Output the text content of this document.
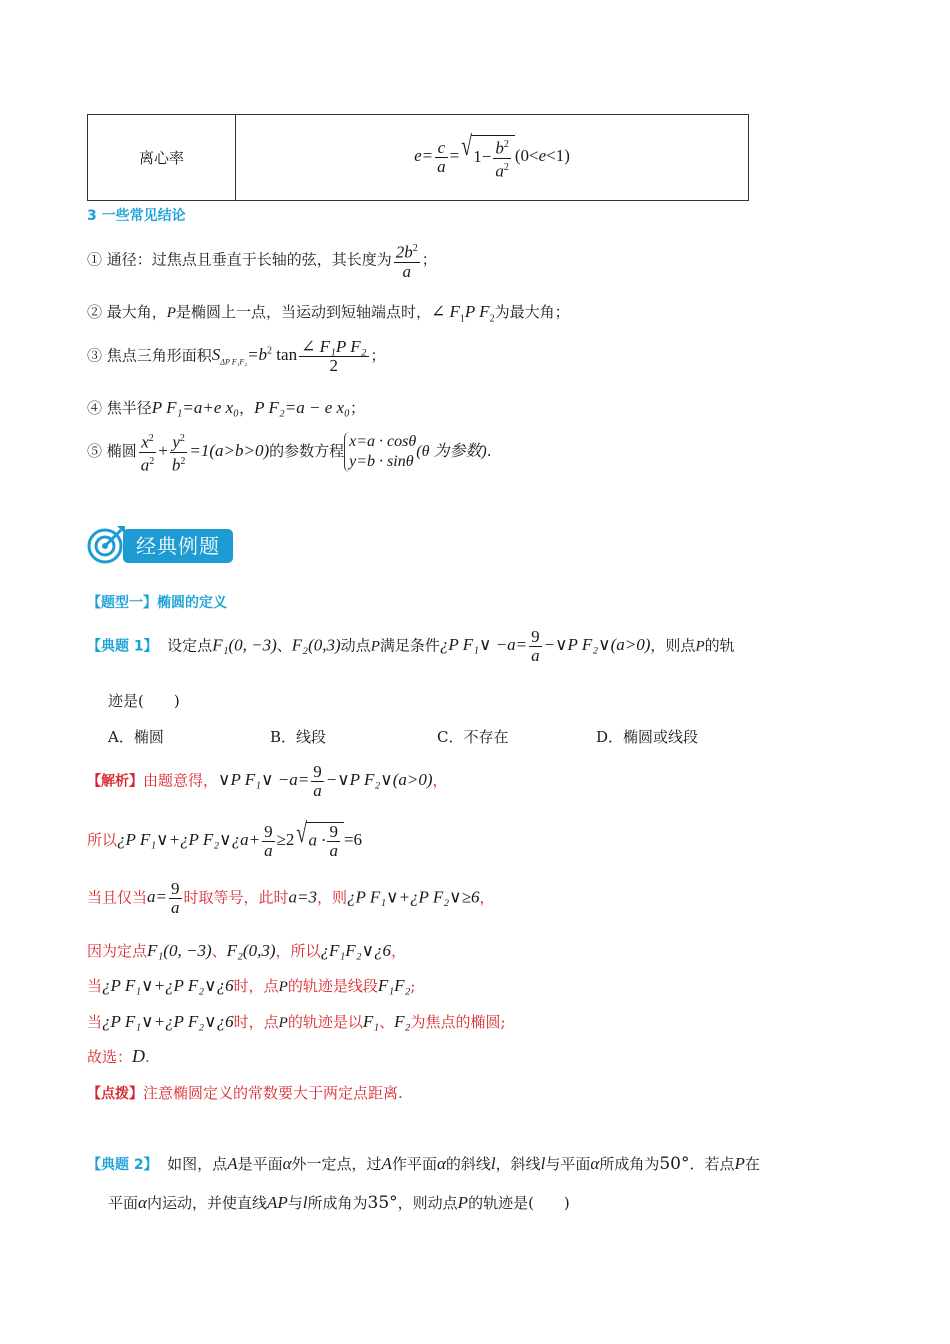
离心率	$e= \frac{c}{a}$ = √ $1- \frac{b^2}{a^2} (0<e<1)$
3 一些常见结论
① 通径：过焦点且垂直于长轴的弦，其长度为 $\frac{2b^2}{a}$ ；
② 最大角，P是椭圆上一点，当运动到短轴端点时，∠ $F_1P$ $F_2$为最大角；
③ 焦点三角形面积$S_{\Delta P F_1F_2}=b^2$ $\tan \frac{\text{∠ F₁P F₂}}{2}$ ；
④ 焦半径P F₁=a+e x₀，P F₂=a − e x₀；
⑤ 椭圆 $\frac{x^2}{a^2} + \frac{y^2}{b^2} =1(a>b>0)$的参数方程
x=a · cosθ
y=b · sinθ
(θ 为参数).
经典例题
【题型一】椭圆的定义
【典题 1】 设定点F₁(0, −3)、F₂(0,3)动点P满足条件¿P F₁∨ $-a= \frac{9}{a}$ −∨P F₂∨(a>0)，则点P的轨
迹是(　　)
A．椭圆	B．线段	C．不存在	D．椭圆或线段
【解析】由题意得，∨P F₁∨ $-a= \frac{9}{a}$ −∨P F₂∨(a>0)，
所以¿P F₁∨+¿P F₂∨¿a+ $\frac{9}{a} \ge 2$ √ $a \cdot \frac{9}{a} =6$
当且仅当$a= \frac{9}{a}$ 时取等号，此时a=3，则¿P F₁∨+¿P F₂∨≥6，
因为定点F₁(0, −3)、F₂(0,3)，所以¿F₁F₂∨¿6，
当¿P F₁∨+¿P F₂∨¿6时，点P的轨迹是线段F₁F₂;
当¿P F₁∨+¿P F₂∨¿6时，点P的轨迹是以F₁、F₂为焦点的椭圆;
故选：D.
【点拨】注意椭圆定义的常数要大于两定点距离.
【典题 2】 如图，点A是平面α外一定点，过A作平面α的斜线l，斜线l与平面α所成角为50°．若点P在
平面α内运动，并使直线AP与l所成角为35°，则动点P的轨迹是(　　)
